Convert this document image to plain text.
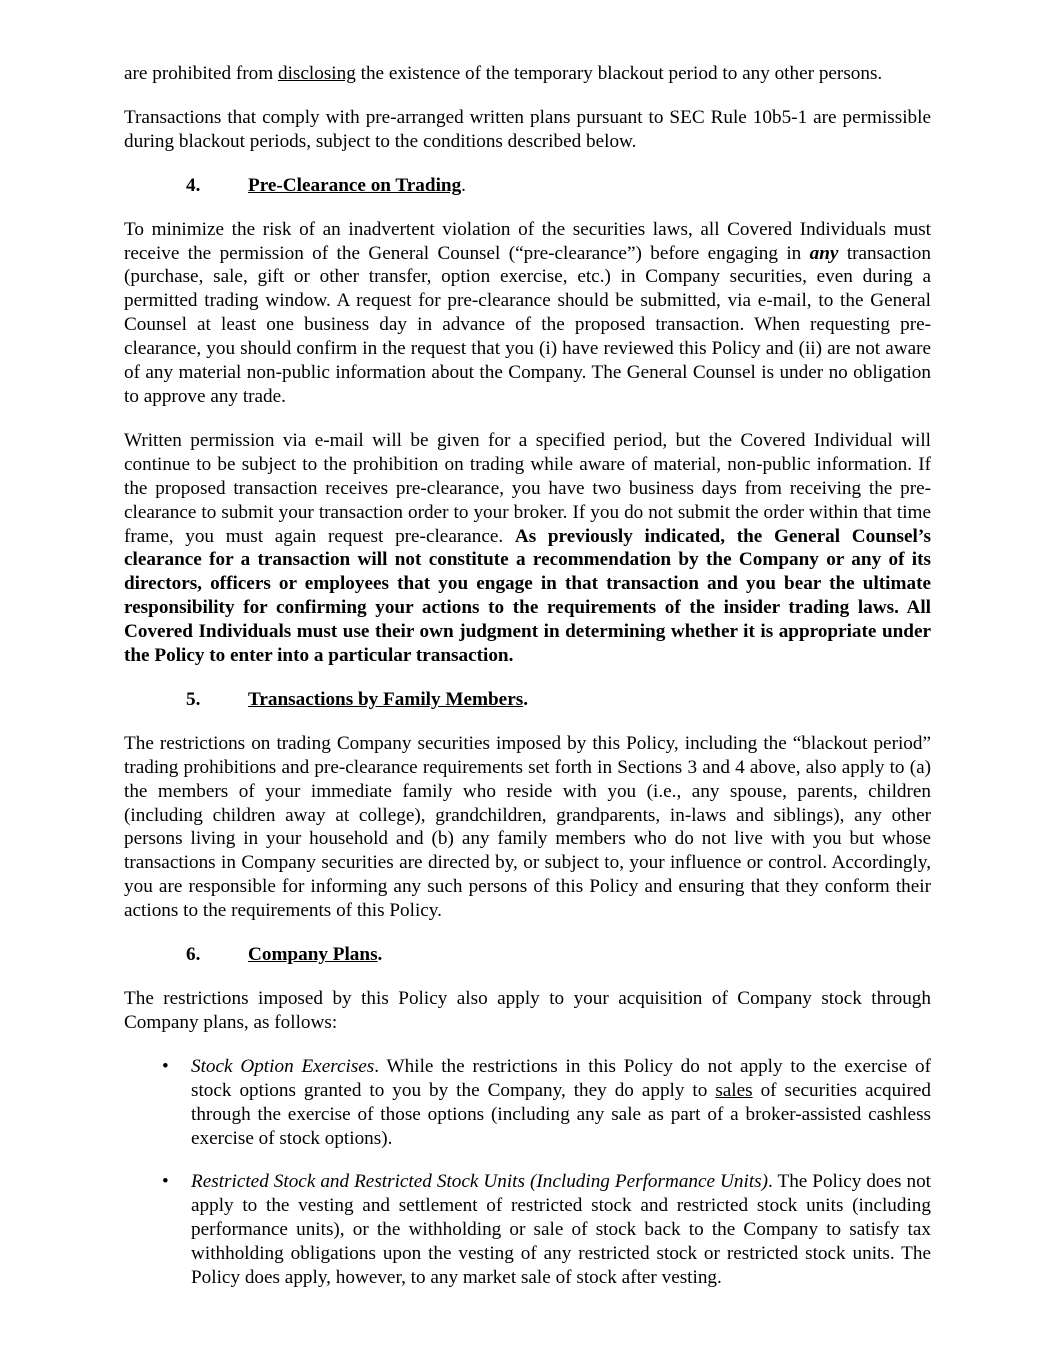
are prohibited from disclosing the existence of the temporary blackout period to any other persons.

Transactions that comply with pre-arranged written plans pursuant to SEC Rule 10b5-1 are permissible during blackout periods, subject to the conditions described below.

4. Pre-Clearance on Trading.

To minimize the risk of an inadvertent violation of the securities laws, all Covered Individuals must receive the permission of the General Counsel (“pre-clearance”) before engaging in any transaction (purchase, sale, gift or other transfer, option exercise, etc.) in Company securities, even during a permitted trading window. A request for pre-clearance should be submitted, via e-mail, to the General Counsel at least one business day in advance of the proposed transaction. When requesting pre-clearance, you should confirm in the request that you (i) have reviewed this Policy and (ii) are not aware of any material non-public information about the Company. The General Counsel is under no obligation to approve any trade.

Written permission via e-mail will be given for a specified period, but the Covered Individual will continue to be subject to the prohibition on trading while aware of material, non-public information. If the proposed transaction receives pre-clearance, you have two business days from receiving the pre-clearance to submit your transaction order to your broker. If you do not submit the order within that time frame, you must again request pre-clearance. As previously indicated, the General Counsel’s clearance for a transaction will not constitute a recommendation by the Company or any of its directors, officers or employees that you engage in that transaction and you bear the ultimate responsibility for confirming your actions to the requirements of the insider trading laws. All Covered Individuals must use their own judgment in determining whether it is appropriate under the Policy to enter into a particular transaction.

5. Transactions by Family Members.

The restrictions on trading Company securities imposed by this Policy, including the “blackout period” trading prohibitions and pre-clearance requirements set forth in Sections 3 and 4 above, also apply to (a) the members of your immediate family who reside with you (i.e., any spouse, parents, children (including children away at college), grandchildren, grandparents, in-laws and siblings), any other persons living in your household and (b) any family members who do not live with you but whose transactions in Company securities are directed by, or subject to, your influence or control. Accordingly, you are responsible for informing any such persons of this Policy and ensuring that they conform their actions to the requirements of this Policy.

6. Company Plans.

The restrictions imposed by this Policy also apply to your acquisition of Company stock through Company plans, as follows:

• Stock Option Exercises. While the restrictions in this Policy do not apply to the exercise of stock options granted to you by the Company, they do apply to sales of securities acquired through the exercise of those options (including any sale as part of a broker-assisted cashless exercise of stock options).
• Restricted Stock and Restricted Stock Units (Including Performance Units). The Policy does not apply to the vesting and settlement of restricted stock and restricted stock units (including performance units), or the withholding or sale of stock back to the Company to satisfy tax withholding obligations upon the vesting of any restricted stock or restricted stock units. The Policy does apply, however, to any market sale of stock after vesting.
